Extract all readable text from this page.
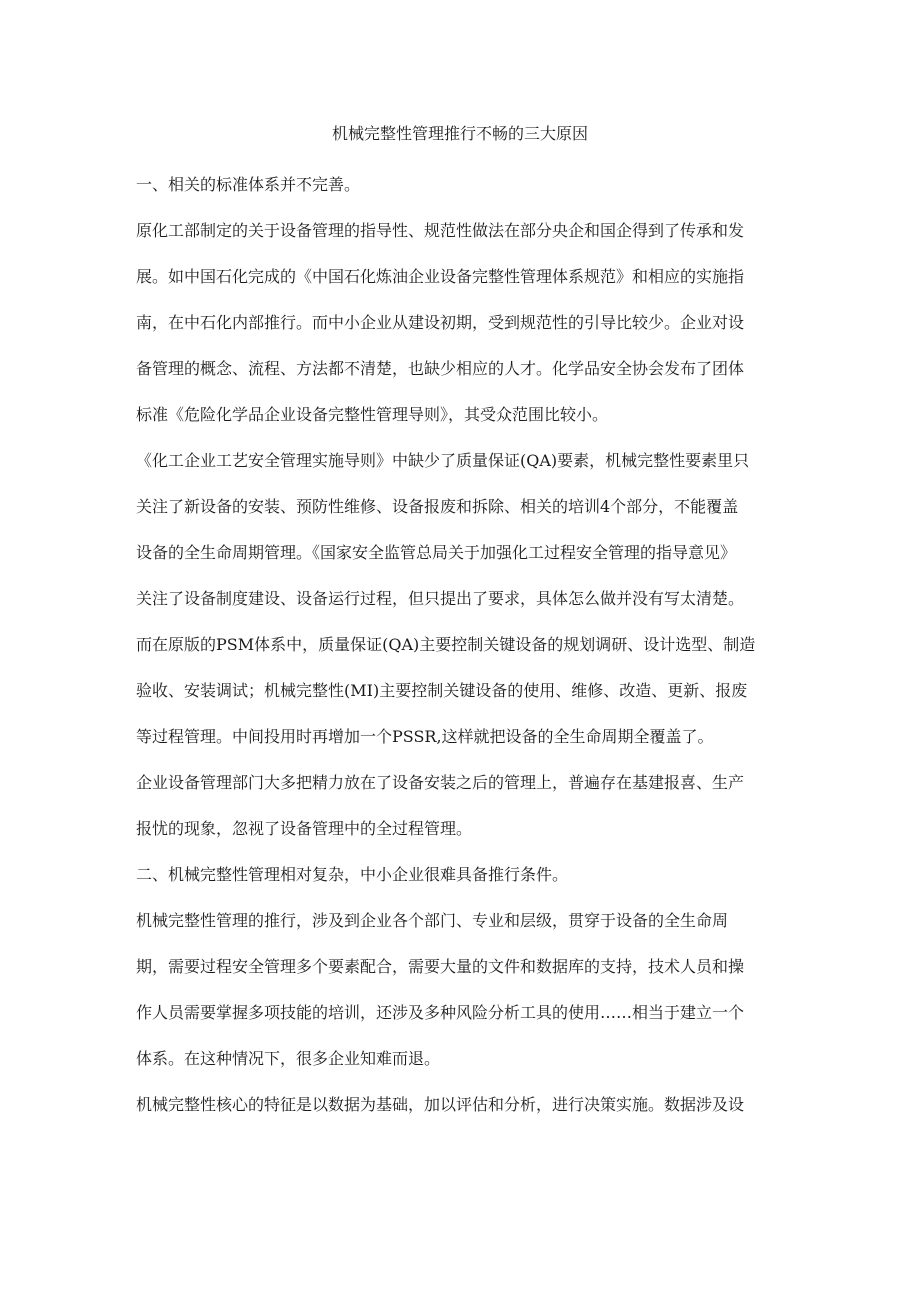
机械完整性管理推行不畅的三大原因
一、相关的标准体系并不完善。
原化工部制定的关于设备管理的指导性、规范性做法在部分央企和国企得到了传承和发
展。如中国石化完成的《中国石化炼油企业设备完整性管理体系规范》和相应的实施指
南，在中石化内部推行。而中小企业从建设初期，受到规范性的引导比较少。企业对设
备管理的概念、流程、方法都不清楚，也缺少相应的人才。化学品安全协会发布了团体
标准《危险化学品企业设备完整性管理导则》，其受众范围比较小。
《化工企业工艺安全管理实施导则》中缺少了质量保证(QA)要素，机械完整性要素里只
关注了新设备的安装、预防性维修、设备报废和拆除、相关的培训4个部分，不能覆盖
设备的全生命周期管理。《国家安全监管总局关于加强化工过程安全管理的指导意见》
关注了设备制度建设、设备运行过程，但只提出了要求，具体怎么做并没有写太清楚。
而在原版的PSM体系中，质量保证(QA)主要控制关键设备的规划调研、设计选型、制造
验收、安装调试；机械完整性(MI)主要控制关键设备的使用、维修、改造、更新、报废
等过程管理。中间投用时再增加一个PSSR,这样就把设备的全生命周期全覆盖了。
企业设备管理部门大多把精力放在了设备安装之后的管理上，普遍存在基建报喜、生产
报忧的现象，忽视了设备管理中的全过程管理。
二、机械完整性管理相对复杂，中小企业很难具备推行条件。
机械完整性管理的推行，涉及到企业各个部门、专业和层级，贯穿于设备的全生命周
期，需要过程安全管理多个要素配合，需要大量的文件和数据库的支持，技术人员和操
作人员需要掌握多项技能的培训，还涉及多种风险分析工具的使用……相当于建立一个
体系。在这种情况下，很多企业知难而退。
机械完整性核心的特征是以数据为基础，加以评估和分析，进行决策实施。数据涉及设
